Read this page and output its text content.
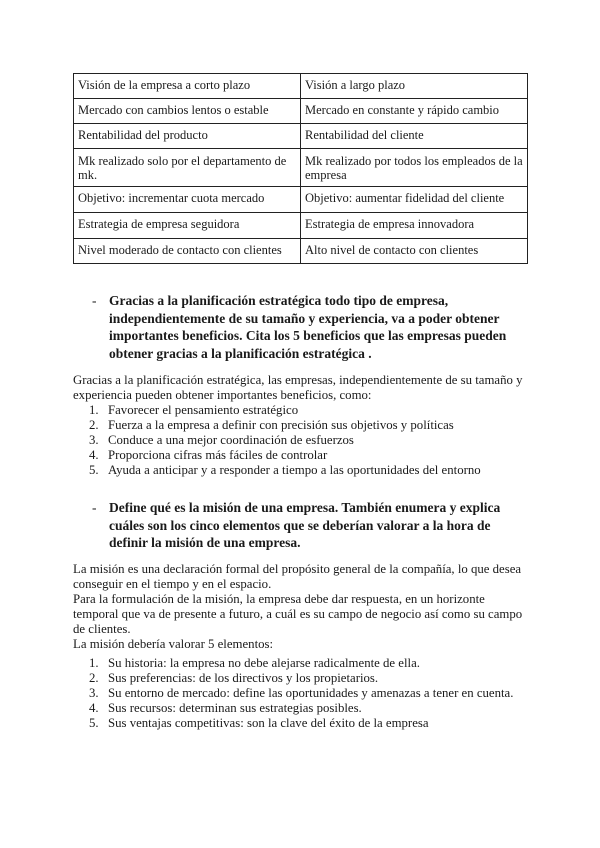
Visión de la empresa a corto plazo	Visión a largo plazo
Mercado con cambios lentos o estable	Mercado en constante y rápido cambio
Rentabilidad del producto	Rentabilidad del cliente
Mk realizado solo por el departamento de mk.	Mk realizado por todos los empleados de la empresa
Objetivo: incrementar cuota mercado	Objetivo: aumentar fidelidad del cliente
Estrategia de empresa seguidora	Estrategia de empresa innovadora
Nivel moderado de contacto con clientes	Alto nivel de contacto con clientes
- Gracias a la planificación estratégica todo tipo de empresa, independientemente de su tamaño y experiencia, va a poder obtener importantes beneficios. Cita los 5 beneficios que las empresas pueden obtener gracias a la planificación estratégica .

Gracias a la planificación estratégica, las empresas, independientemente de su tamaño y experiencia pueden obtener importantes beneficios, como:

1. Favorecer el pensamiento estratégico
2. Fuerza a la empresa a definir con precisión sus objetivos y políticas
3. Conduce a una mejor coordinación de esfuerzos
4. Proporciona cifras más fáciles de controlar
5. Ayuda a anticipar y a responder a tiempo a las oportunidades del entorno
- Define qué es la misión de una empresa. También enumera y explica cuáles son los cinco elementos que se deberían valorar a la hora de definir la misión de una empresa.

La misión es una declaración formal del propósito general de la compañía, lo que desea conseguir en el tiempo y en el espacio.

Para la formulación de la misión, la empresa debe dar respuesta, en un horizonte temporal que va de presente a futuro, a cuál es su campo de negocio así como su campo de clientes.

La misión debería valorar 5 elementos:

1. Su historia: la empresa no debe alejarse radicalmente de ella.
2. Sus preferencias: de los directivos y los propietarios.
3. Su entorno de mercado: define las oportunidades y amenazas a tener en cuenta.
4. Sus recursos: determinan sus estrategias posibles.
5. Sus ventajas competitivas: son la clave del éxito de la empresa
